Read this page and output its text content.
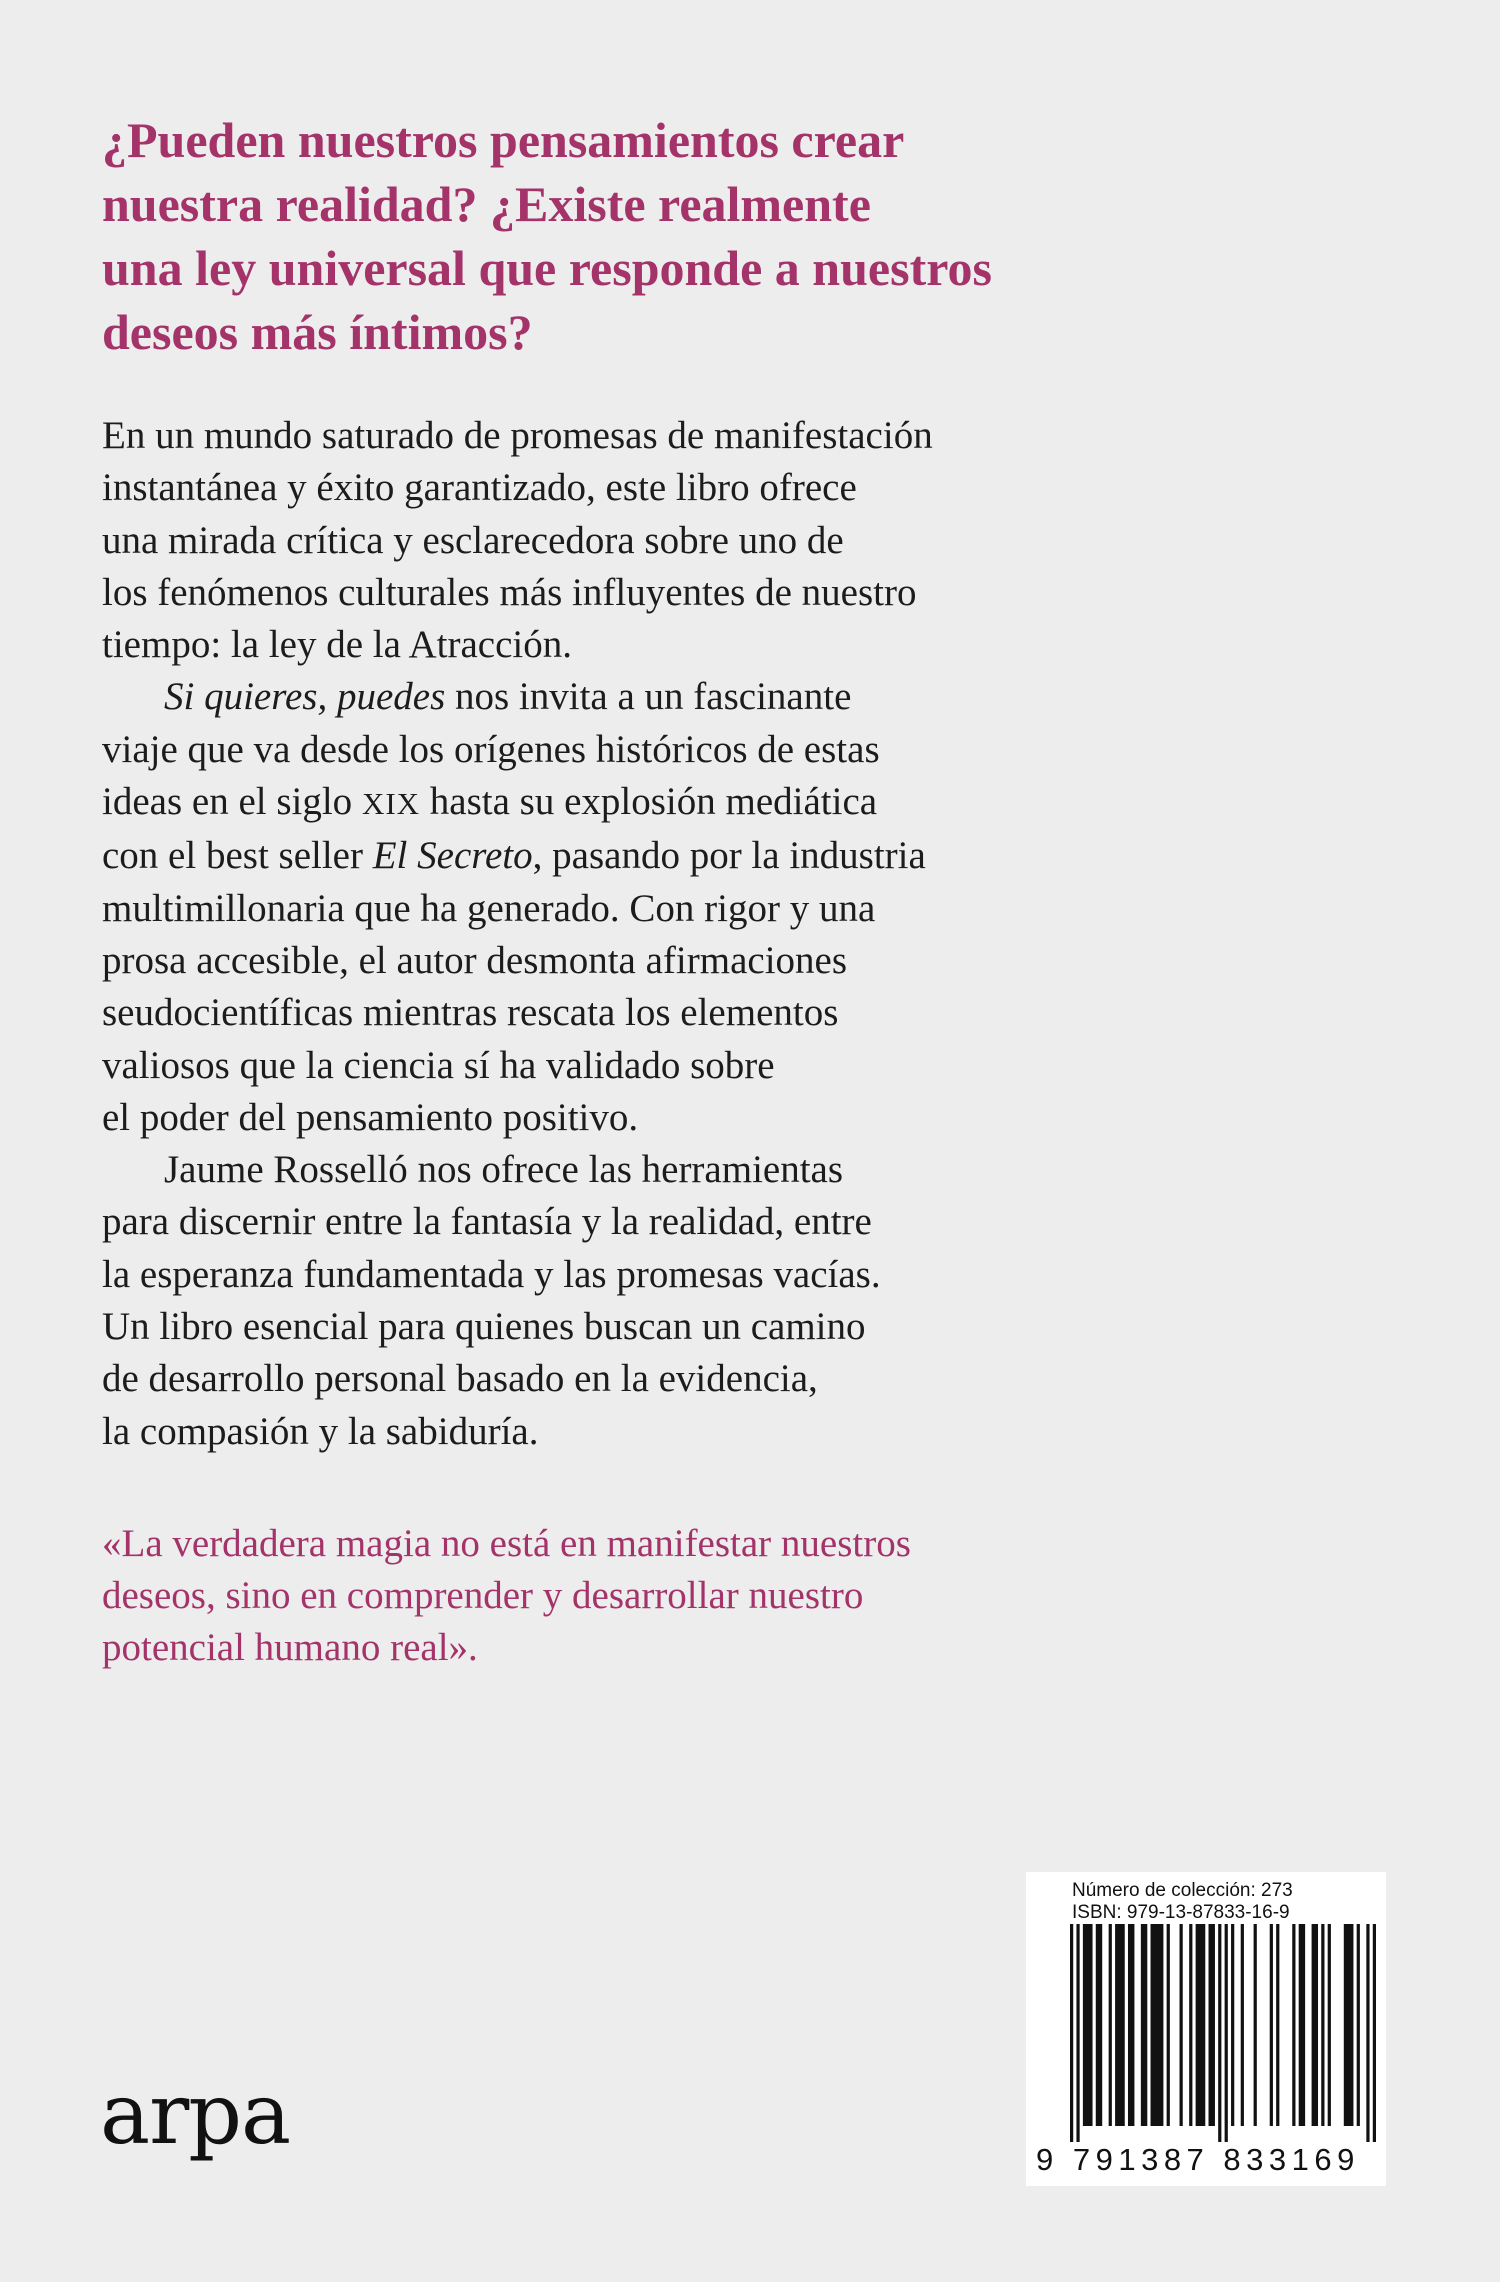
¿Pueden nuestros pensamientos crear
nuestra realidad? ¿Existe realmente
una ley universal que responde a nuestros
deseos más íntimos?
En un mundo saturado de promesas de manifestación
instantánea y éxito garantizado, este libro ofrece
una mirada crítica y esclarecedora sobre uno de
los fenómenos culturales más influyentes de nuestro
tiempo: la ley de la Atracción.
Si quieres, puedes nos invita a un fascinante
viaje que va desde los orígenes históricos de estas
ideas en el siglo XIX hasta su explosión mediática
con el best seller El Secreto, pasando por la industria
multimillonaria que ha generado. Con rigor y una
prosa accesible, el autor desmonta afirmaciones
seudocientíficas mientras rescata los elementos
valiosos que la ciencia sí ha validado sobre
el poder del pensamiento positivo.
Jaume Rosselló nos ofrece las herramientas
para discernir entre la fantasía y la realidad, entre
la esperanza fundamentada y las promesas vacías.
Un libro esencial para quienes buscan un camino
de desarrollo personal basado en la evidencia,
la compasión y la sabiduría.
«La verdadera magia no está en manifestar nuestros
deseos, sino en comprender y desarrollar nuestro
potencial humano real».
arpa
Número de colección: 273
ISBN: 979-13-87833-16-9
9 791387 833169
